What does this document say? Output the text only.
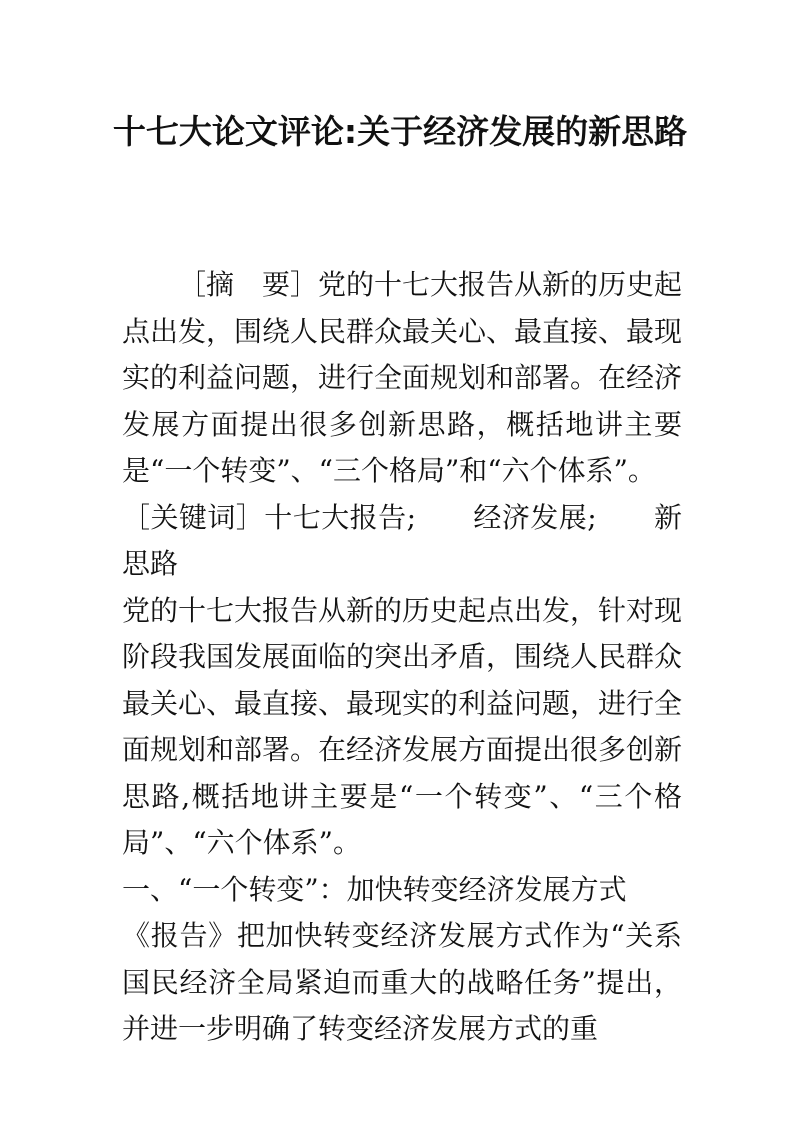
十七大论文评论:关于经济发展的新思路

［摘　要］党的十七大报告从新的历史起点出发，围绕人民群众最关心、最直接、最现实的利益问题，进行全面规划和部署。在经济发展方面提出很多创新思路，概括地讲主要是“一个转变”、“三个格局”和“六个体系”。

［关键词］十七大报告;　　经济发展;　　新思路

党的十七大报告从新的历史起点出发，针对现阶段我国发展面临的突出矛盾，围绕人民群众最关心、最直接、最现实的利益问题，进行全面规划和部署。在经济发展方面提出很多创新思路,概括地讲主要是“一个转变”、“三个格局”、“六个体系”。

一、“一个转变”：加快转变经济发展方式

《报告》把加快转变经济发展方式作为“关系国民经济全局紧迫而重大的战略任务”提出，并进一步明确了转变经济发展方式的重
